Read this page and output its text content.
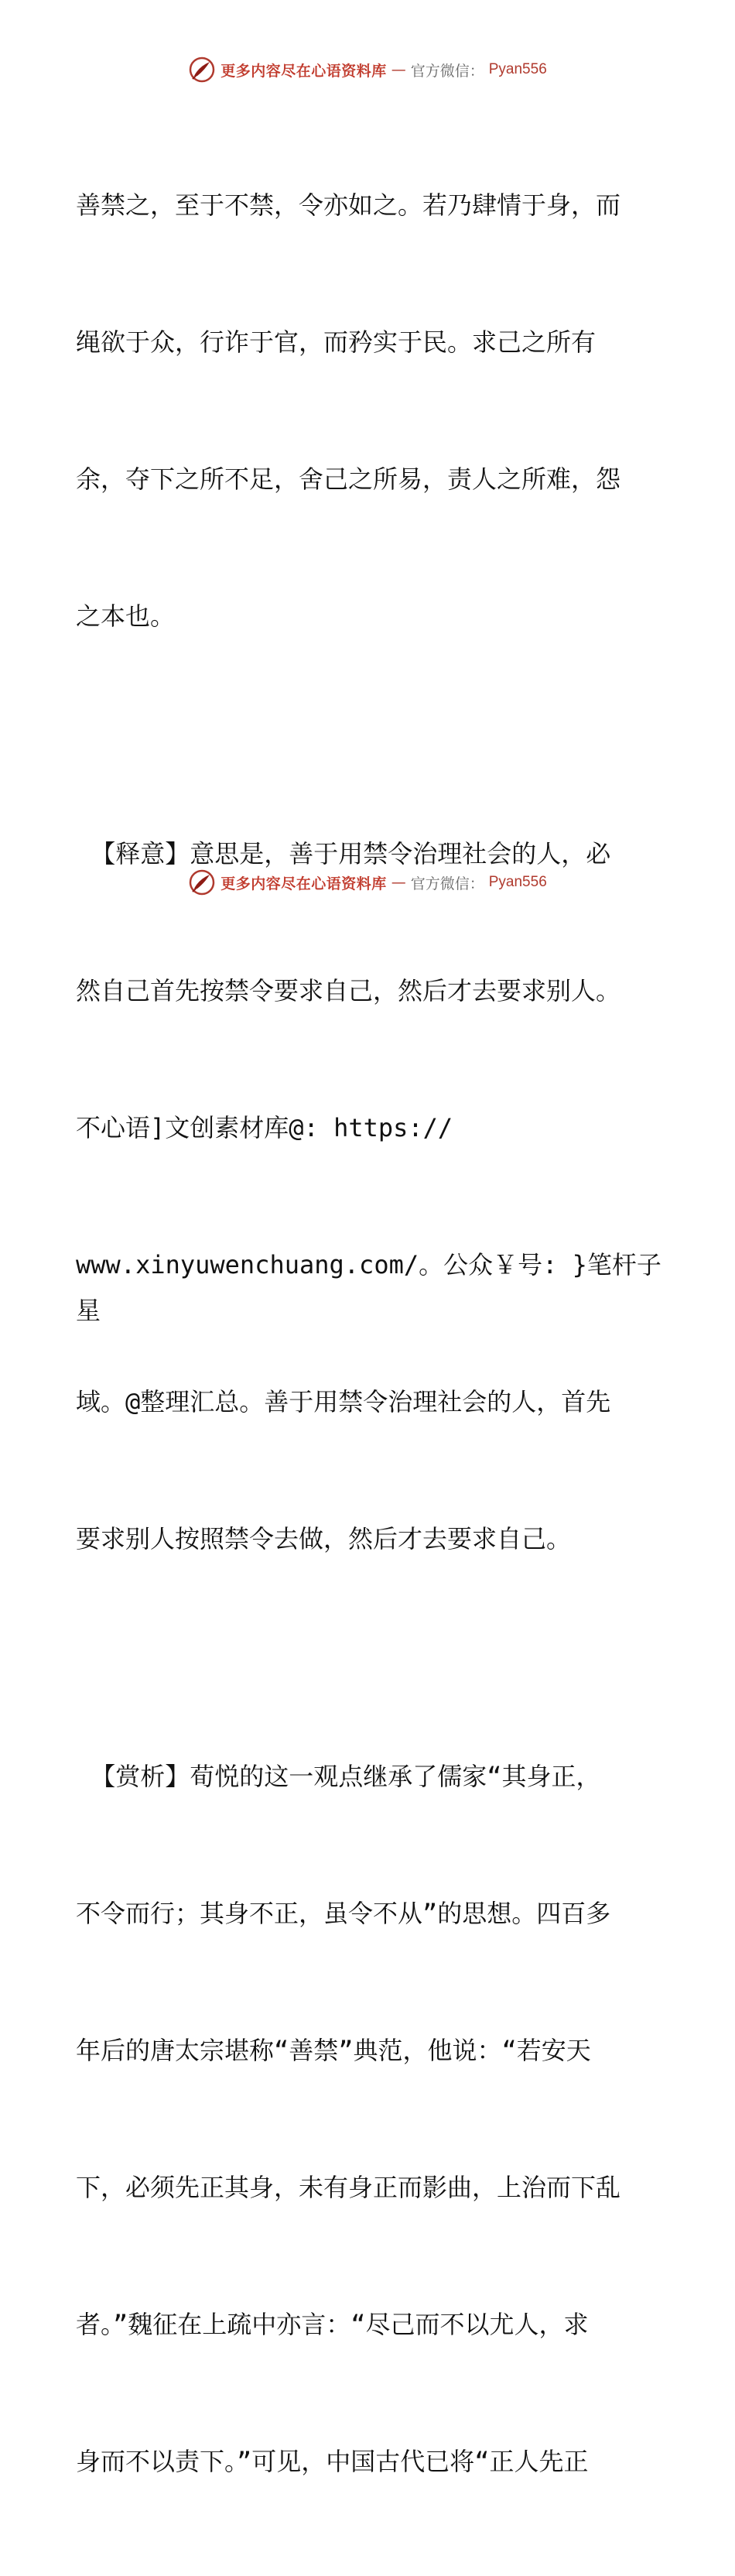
更多内容尽在心语资料库 — 官方微信： Pyan556

善禁之，至于不禁，令亦如之。若乃肆情于身，而

绳欲于众，行诈于官，而矜实于民。求己之所有

余，夺下之所不足，舍己之所易，责人之所难，怨

之本也。

【释意】意思是，善于用禁令治理社会的人，必

然自己首先按禁令要求自己，然后才去要求别人。

不心语]文创素材库@: https://

www.xinyuwenchuang.com/。公众￥号: }笔杆子星

域。@整理汇总。善于用禁令治理社会的人，首先

要求别人按照禁令去做，然后才去要求自己。

【赏析】荀悦的这一观点继承了儒家“其身正，

不令而行；其身不正，虽令不从”的思想。四百多

年后的唐太宗堪称“善禁”典范，他说：“若安天

下，必须先正其身，未有身正而影曲，上治而下乱

者。”魏征在上疏中亦言：“尽己而不以尤人，求

身而不以责下。”可见，中国古代已将“正人先正

更多内容尽在心语资料库 — 官方微信： Pyan556
